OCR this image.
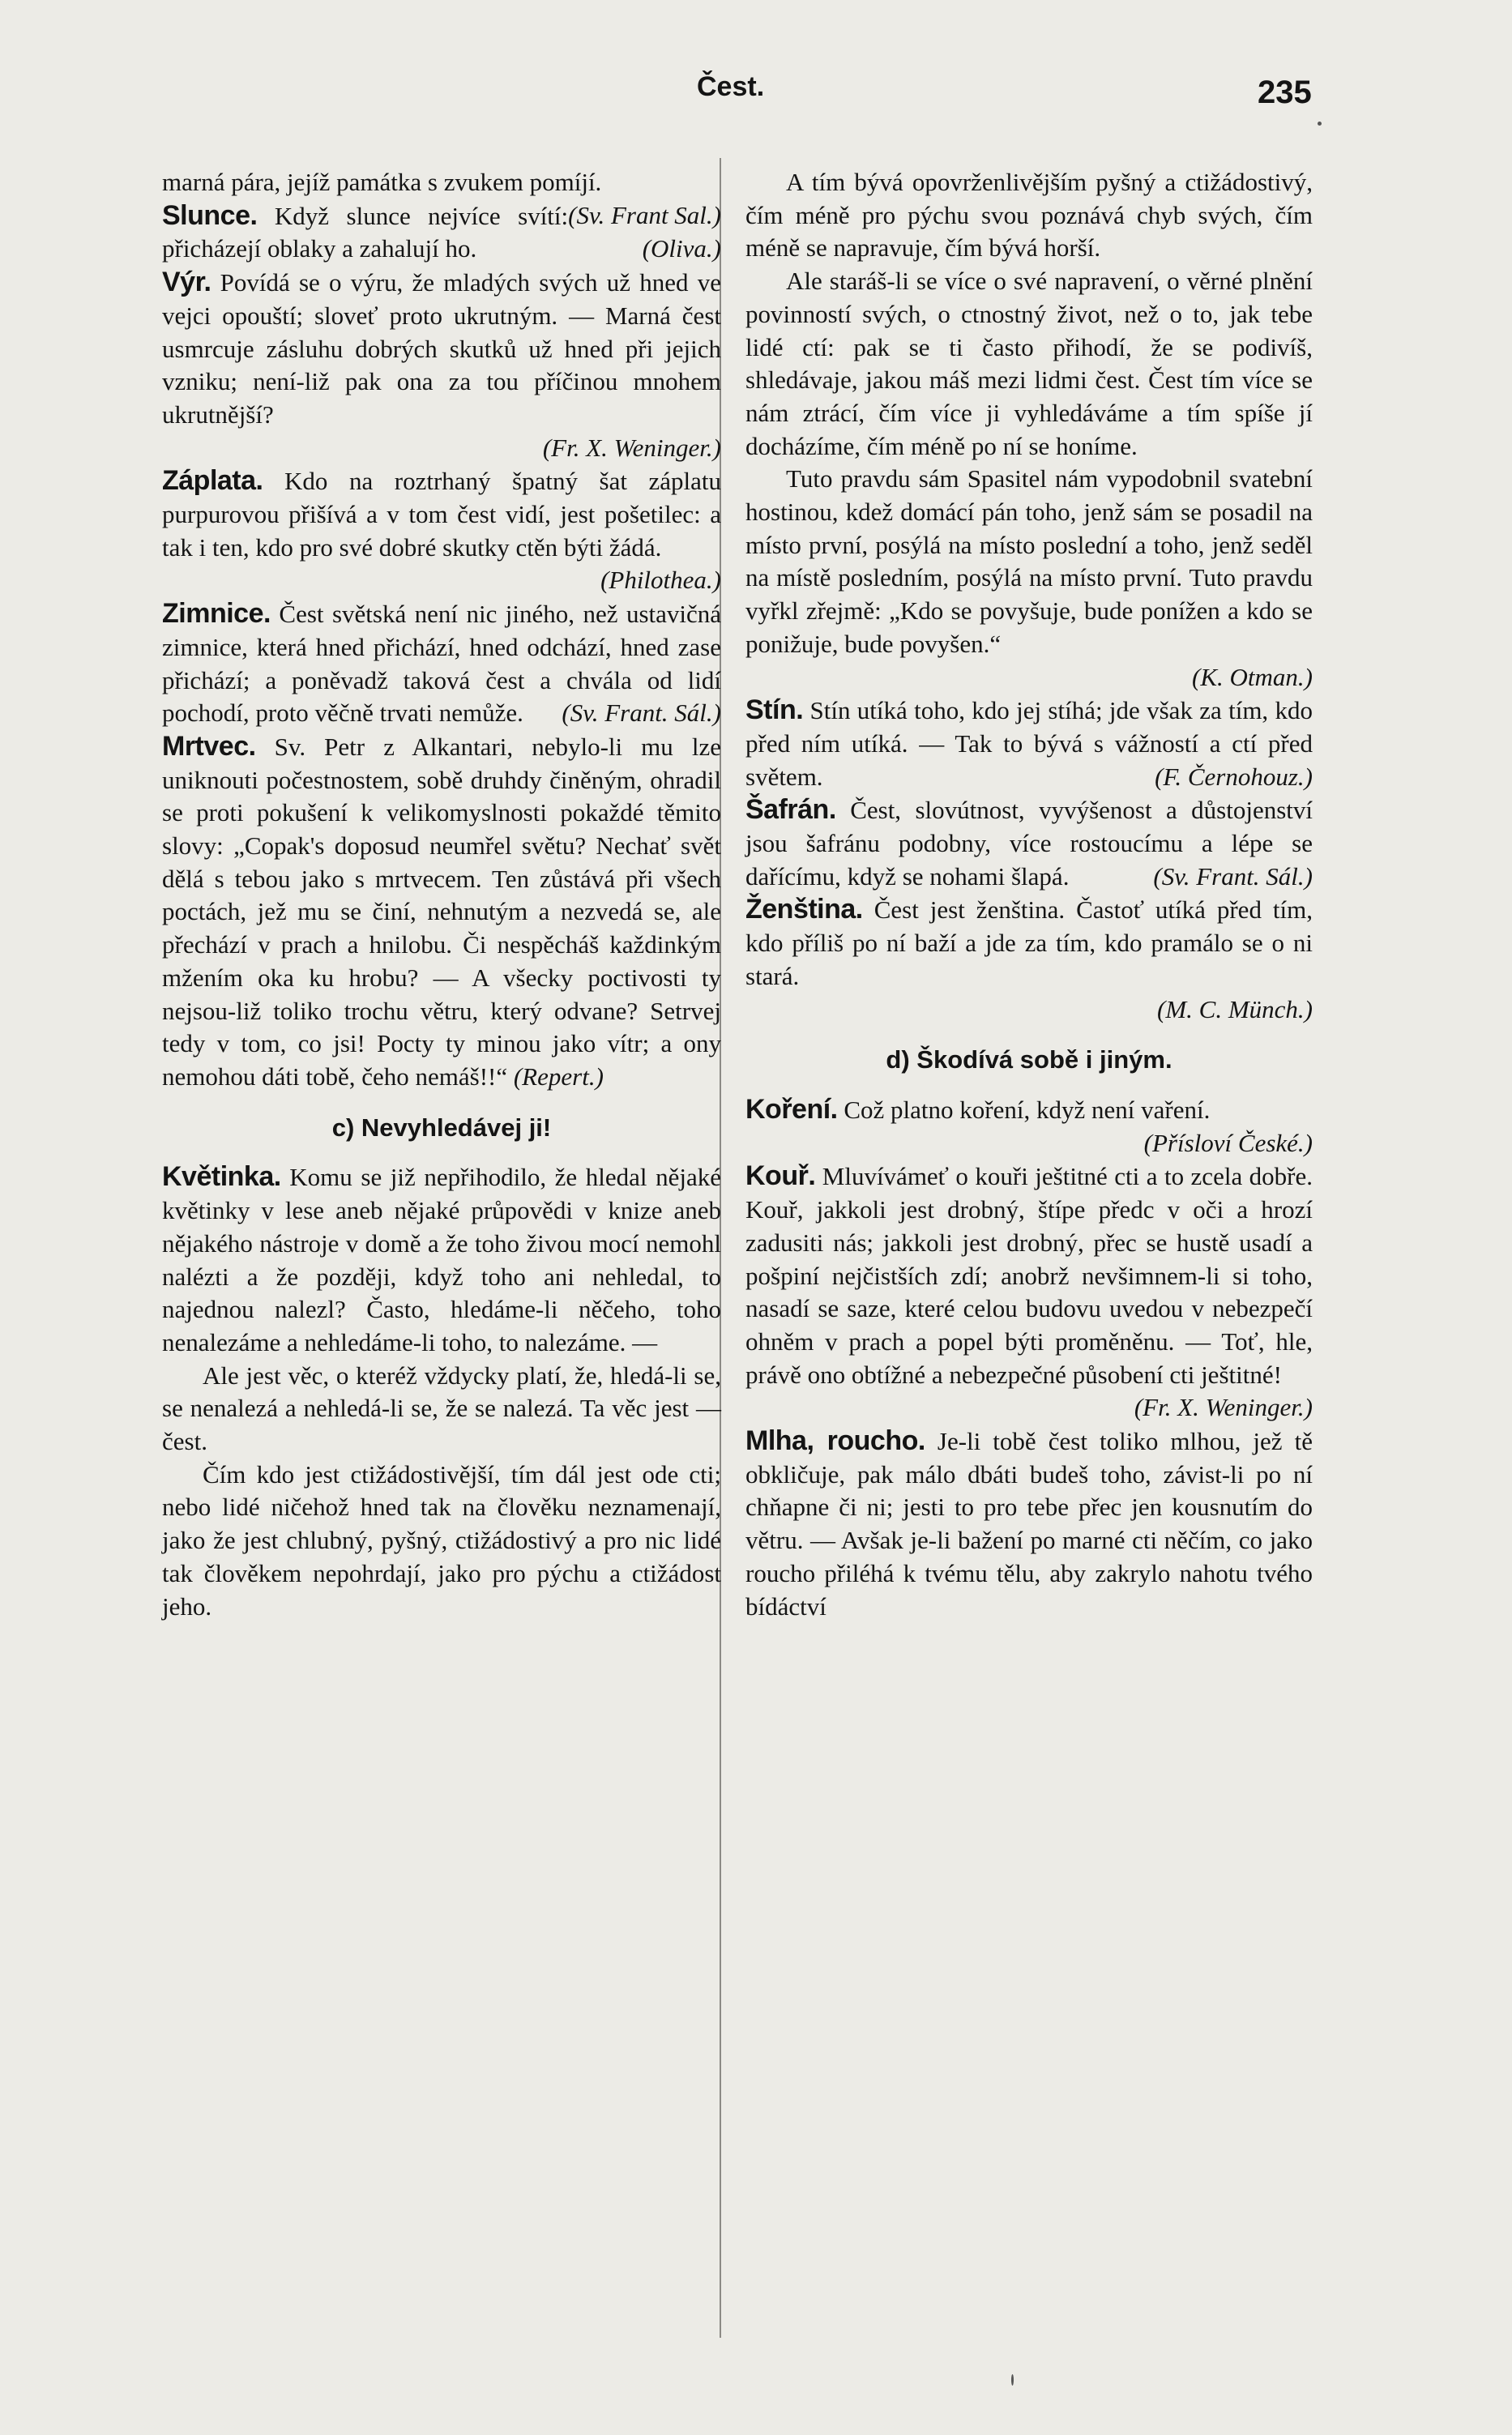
Čest.	235

marná pára, jejíž památka s zvukem pomíjí.
(Sv. Frant Sal.)

Slunce. Když slunce nejvíce svítí: přicházejí oblaky a zahalují ho.	(Oliva.)

Výr. Povídá se o výru, že mladých svých už hned ve vejci opouští; sloveť proto ukrutným. — Marná čest usmrcuje zásluhu dobrých skutků už hned při jejich vzniku; není-liž pak ona za tou příčinou mnohem ukrutnější?
(Fr. X. Weninger.)

Záplata. Kdo na roztrhaný špatný šat záplatu purpurovou přišívá a v tom čest vidí, jest pošetilec: a tak i ten, kdo pro své dobré skutky ctěn býti žádá.
(Philothea.)

Zimnice. Čest světská není nic jiného, než ustavičná zimnice, která hned přichází, hned odchází, hned zase přichází; a poněvadž taková čest a chvála od lidí pochodí, proto věčně trvati nemůže. (Sv. Frant. Sál.)

Mrtvec. Sv. Petr z Alkantari, nebylo-li mu lze uniknouti počestnostem, sobě druhdy činěným, ohradil se proti pokušení k velikomyslnosti pokaždé těmito slovy: „Copak's doposud neumřel světu? Nechať svět dělá s tebou jako s mrtvecem. Ten zůstává při všech poctách, jež mu se činí, nehnutým a nezvedá se, ale přechází v prach a hnilobu. Či nespěcháš každinkým mžením oka ku hrobu? — A všecky poctivosti ty nejsou-liž toliko trochu větru, který odvane? Setrvej tedy v tom, co jsi! Pocty ty minou jako vítr; a ony nemohou dáti tobě, čeho nemáš!!“ (Repert.)

c) Nevyhledávej ji!

Květinka. Komu se již nepřihodilo, že hledal nějaké květinky v lese aneb nějaké průpovědi v knize aneb nějakého nástroje v domě a že toho živou mocí nemohl nalézti a že později, když toho ani nehledal, to najednou nalezl? Často, hledáme-li něčeho, toho nenalezáme a nehledáme-li toho, to nalezáme. —

Ale jest věc, o kteréž vždycky platí, že, hledá-li se, se nenalezá a nehledá-li se, že se nalezá. Ta věc jest — čest.

Čím kdo jest ctižádostivější, tím dál jest ode cti; nebo lidé ničehož hned tak na člověku neznamenají, jako že jest chlubný, pyšný, ctižádostivý a pro nic lidé tak člověkem nepohrdají, jako pro pýchu a ctižádost jeho.

A tím bývá opovrženlivějším pyšný a ctižádostivý, čím méně pro pýchu svou poznává chyb svých, čím méně se napravuje, čím bývá horší.

Ale staráš-li se více o své napravení, o věrné plnění povinností svých, o ctnostný život, než o to, jak tebe lidé ctí: pak se ti často přihodí, že se podivíš, shledávaje, jakou máš mezi lidmi čest. Čest tím více se nám ztrácí, čím více ji vyhledáváme a tím spíše jí docházíme, čím méně po ní se honíme.

Tuto pravdu sám Spasitel nám vypodobnil svatební hostinou, kdež domácí pán toho, jenž sám se posadil na místo první, posýlá na místo poslední a toho, jenž seděl na místě posledním, posýlá na místo první. Tuto pravdu vyřkl zřejmě: „Kdo se povyšuje, bude ponížen a kdo se ponižuje, bude povyšen.“
(K. Otman.)

Stín. Stín utíká toho, kdo jej stíhá; jde však za tím, kdo před ním utíká. — Tak to bývá s vážností a ctí před světem.	(F. Černohouz.)

Šafrán. Čest, slovútnost, vyvýšenost a důstojenství jsou šafránu podobny, více rostoucímu a lépe se dařícímu, když se nohami šlapá.	(Sv. Frant. Sál.)

Ženština. Čest jest ženština. Častoť utíká před tím, kdo příliš po ní baží a jde za tím, kdo pramálo se o ni stará.
(M. C. Münch.)

d) Škodívá sobě i jiným.

Koření. Což platno koření, když není vaření.
(Přísloví České.)

Kouř. Mluvívámeť o kouři ještitné cti a to zcela dobře. Kouř, jakkoli jest drobný, štípe předc v oči a hrozí zadusiti nás; jakkoli jest drobný, přec se hustě usadí a pošpiní nejčistších zdí; anobrž nevšimnem-li si toho, nasadí se saze, které celou budovu uvedou v nebezpečí ohněm v prach a popel býti proměněnu. — Toť, hle, právě ono obtížné a nebezpečné působení cti ještitné!
(Fr. X. Weninger.)

Mlha, roucho. Je-li tobě čest toliko mlhou, jež tě obkličuje, pak málo dbáti budeš toho, závist-li po ní chňapne či ni; jesti to pro tebe přec jen kousnutím do větru. — Avšak je-li bažení po marné cti něčím, co jako roucho přiléhá k tvému tělu, aby zakrylo nahotu tvého bídáctví
